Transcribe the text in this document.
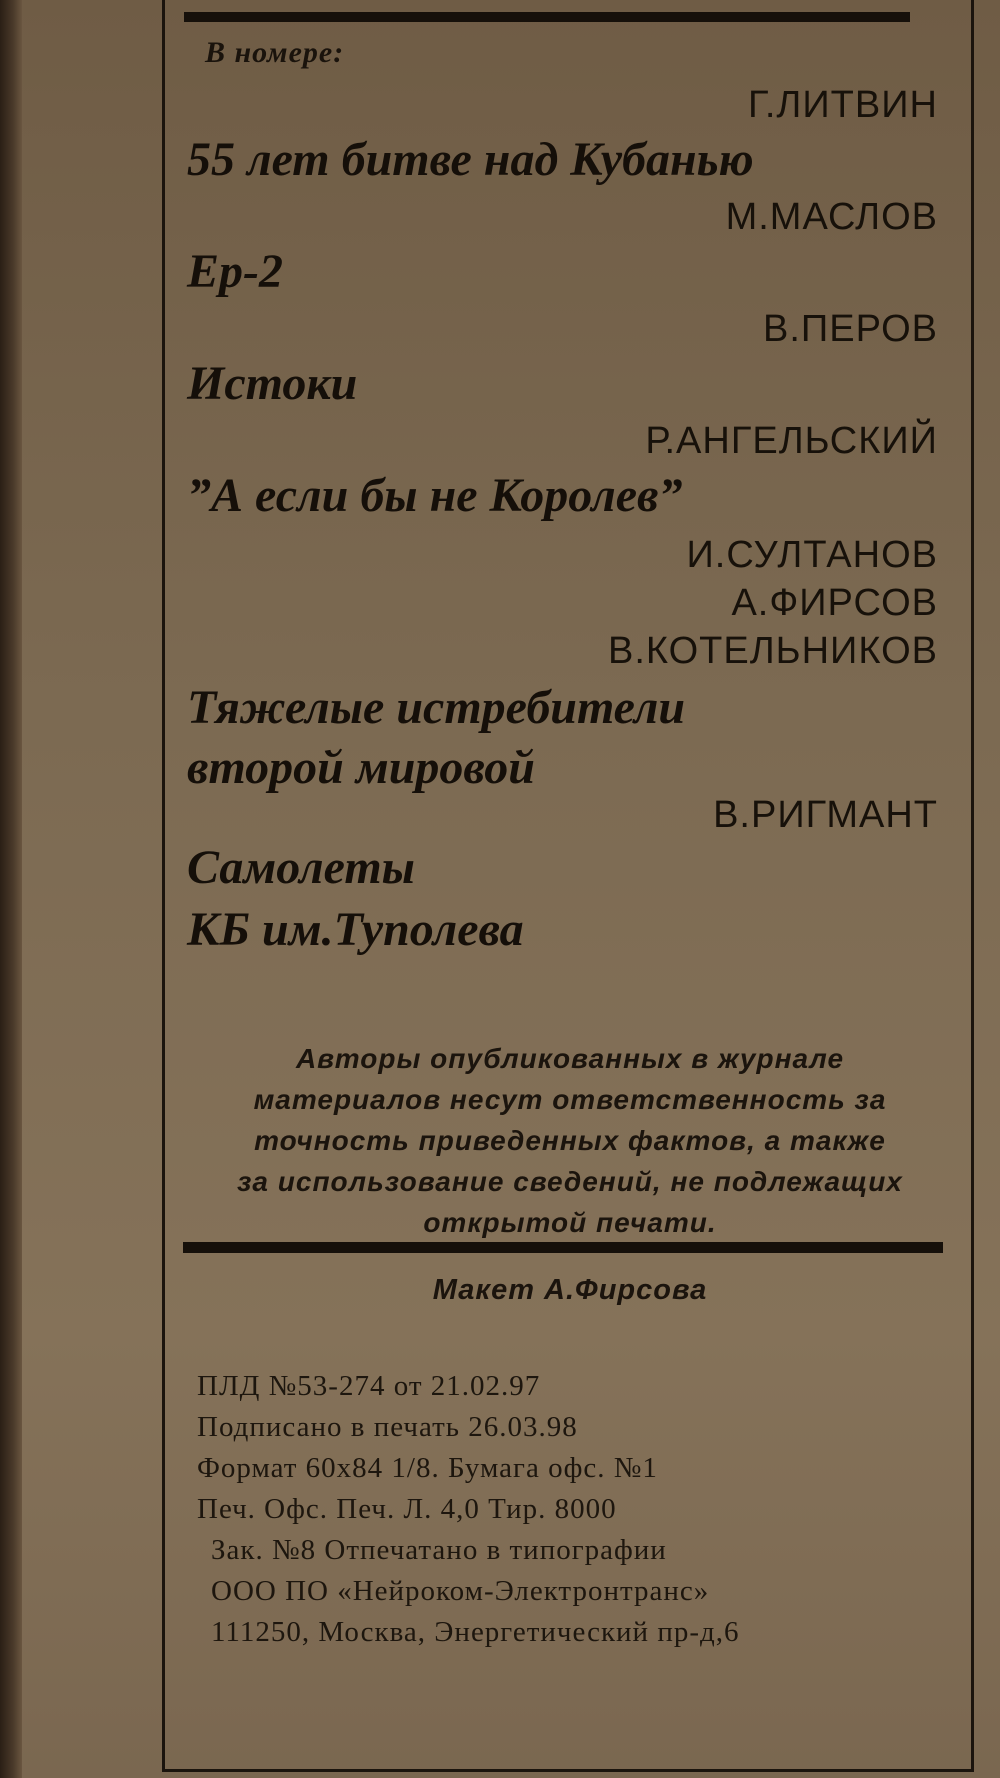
В номере:
Г.ЛИТВИН
55 лет битве над Кубанью
М.МАСЛОВ
Ер-2
В.ПЕРОВ
Истоки
Р.АНГЕЛЬСКИЙ
”А если бы не Королев”
И.СУЛТАНОВ
А.ФИРСОВ
В.КОТЕЛЬНИКОВ
Тяжелые истребители
второй мировой
В.РИГМАНТ
Самолеты
КБ им.Туполева
Авторы опубликованных в журнале
материалов несут ответственность за
точность приведенных фактов, а также
за использование сведений, не подлежащих
открытой печати.
Макет А.Фирсова
ПЛД №53-274 от 21.02.97
Подписано в печать 26.03.98
Формат 60x84 1/8. Бумага офс. №1
Печ. Офс. Печ. Л. 4,0 Тир. 8000
Зак. №8 Отпечатано в типографии
ООО ПО «Нейроком-Электронтранс»
111250, Москва, Энергетический пр-д,6
